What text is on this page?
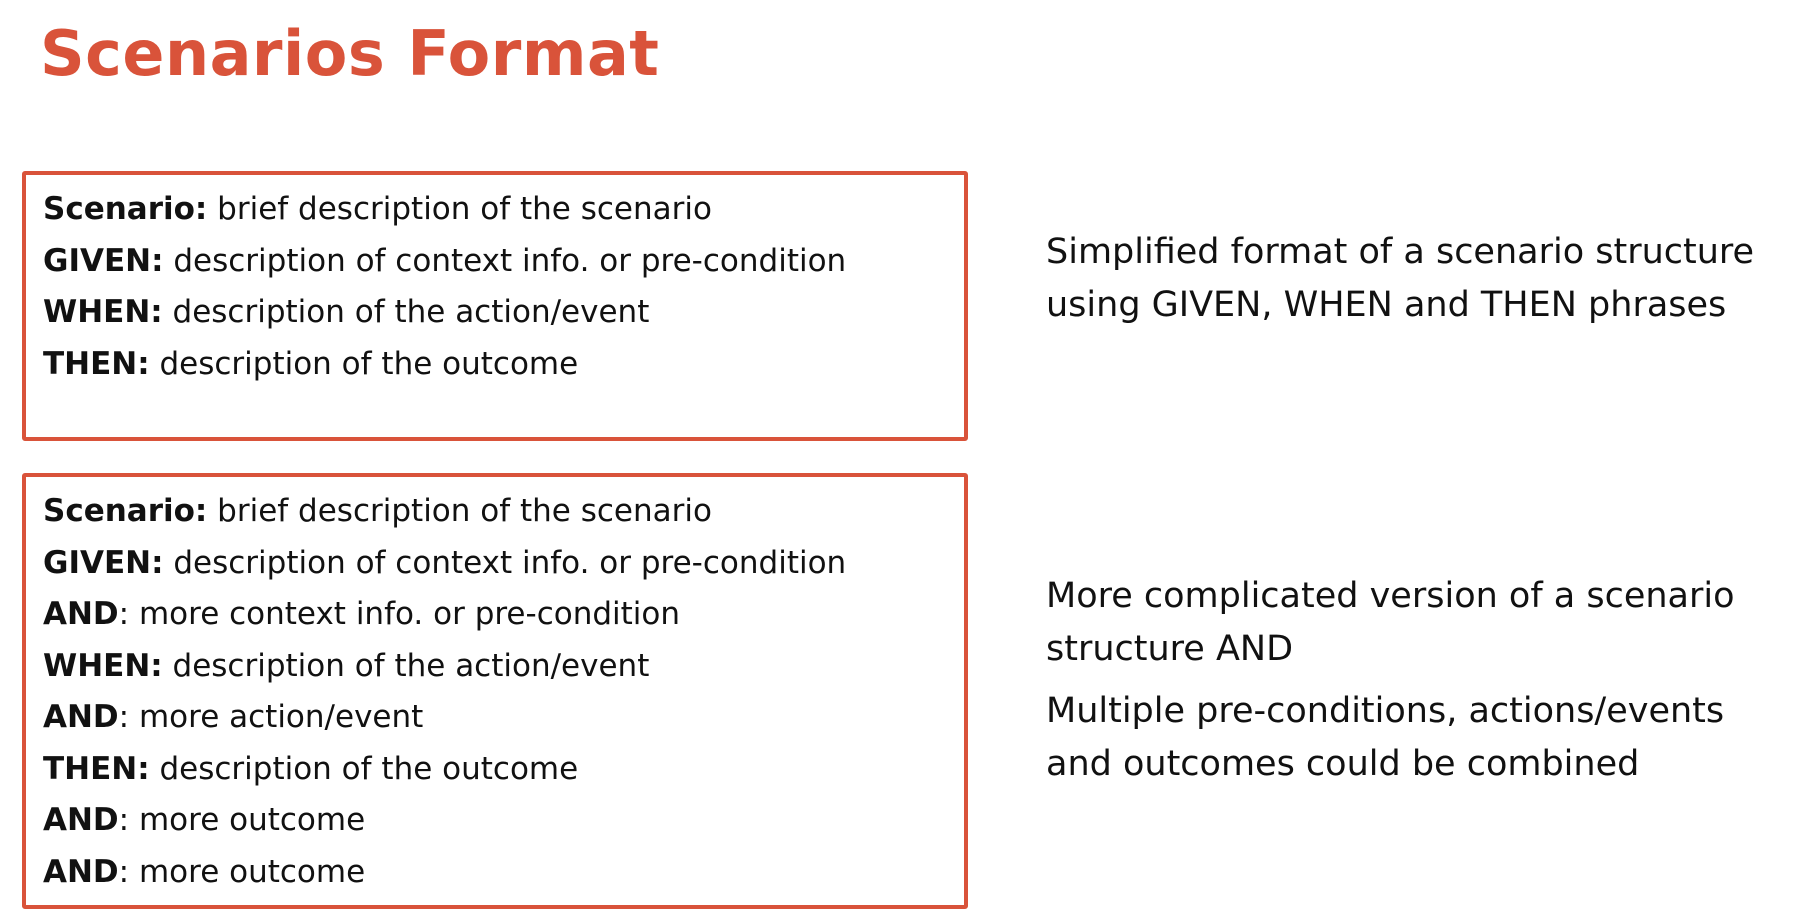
Scenarios Format
Scenario: brief description of the scenario
GIVEN: description of context info. or pre-condition
WHEN: description of the action/event
THEN: description of the outcome
Scenario: brief description of the scenario
GIVEN: description of context info. or pre-condition
AND: more context info. or pre-condition
WHEN: description of the action/event
AND: more action/event
THEN: description of the outcome
AND: more outcome
AND: more outcome

Simplified format of a scenario structure using GIVEN, WHEN and THEN phrases

More complicated version of a scenario structure AND

Multiple pre-conditions, actions/events and outcomes could be combined
